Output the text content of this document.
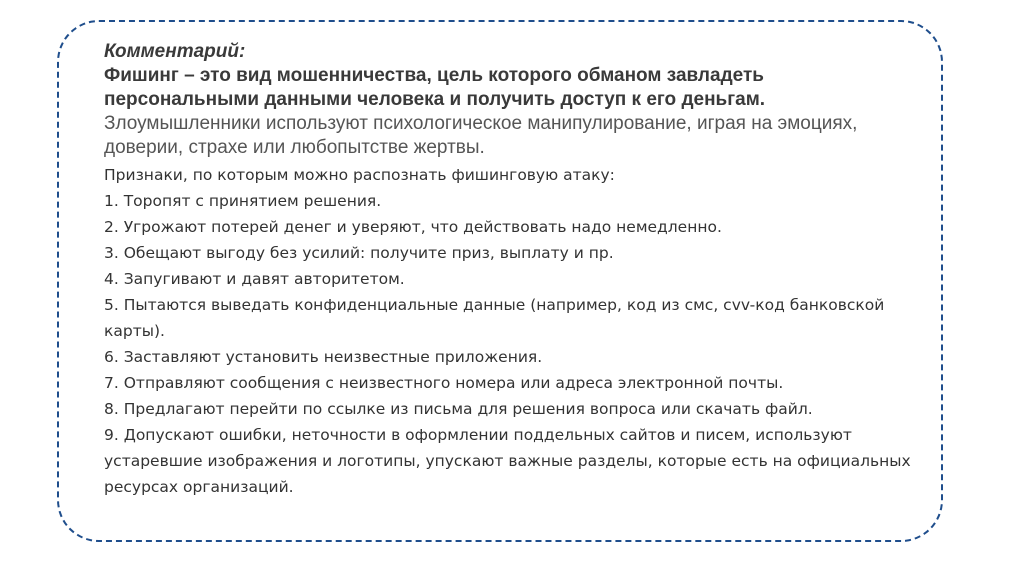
Комментарий:
Фишинг – это вид мошенничества, цель которого обманом завладеть персональными данными человека и получить доступ к его деньгам.
Злоумышленники используют психологическое манипулирование, играя на эмоциях, доверии, страхе или любопытстве жертвы.
Признаки, по которым можно распознать фишинговую атаку:
1. Торопят с принятием решения.
2. Угрожают потерей денег и уверяют, что действовать надо немедленно.
3. Обещают выгоду без усилий: получите приз, выплату и пр.
4. Запугивают и давят авторитетом.
5. Пытаются выведать конфиденциальные данные (например, код из смс, cvv-код банковской карты).
6. Заставляют установить неизвестные приложения.
7. Отправляют сообщения с неизвестного номера или адреса электронной почты.
8. Предлагают перейти по ссылке из письма для решения вопроса или скачать файл.
9. Допускают ошибки, неточности в оформлении поддельных сайтов и писем, используют устаревшие изображения и логотипы, упускают важные разделы, которые есть на официальных ресурсах организаций.
